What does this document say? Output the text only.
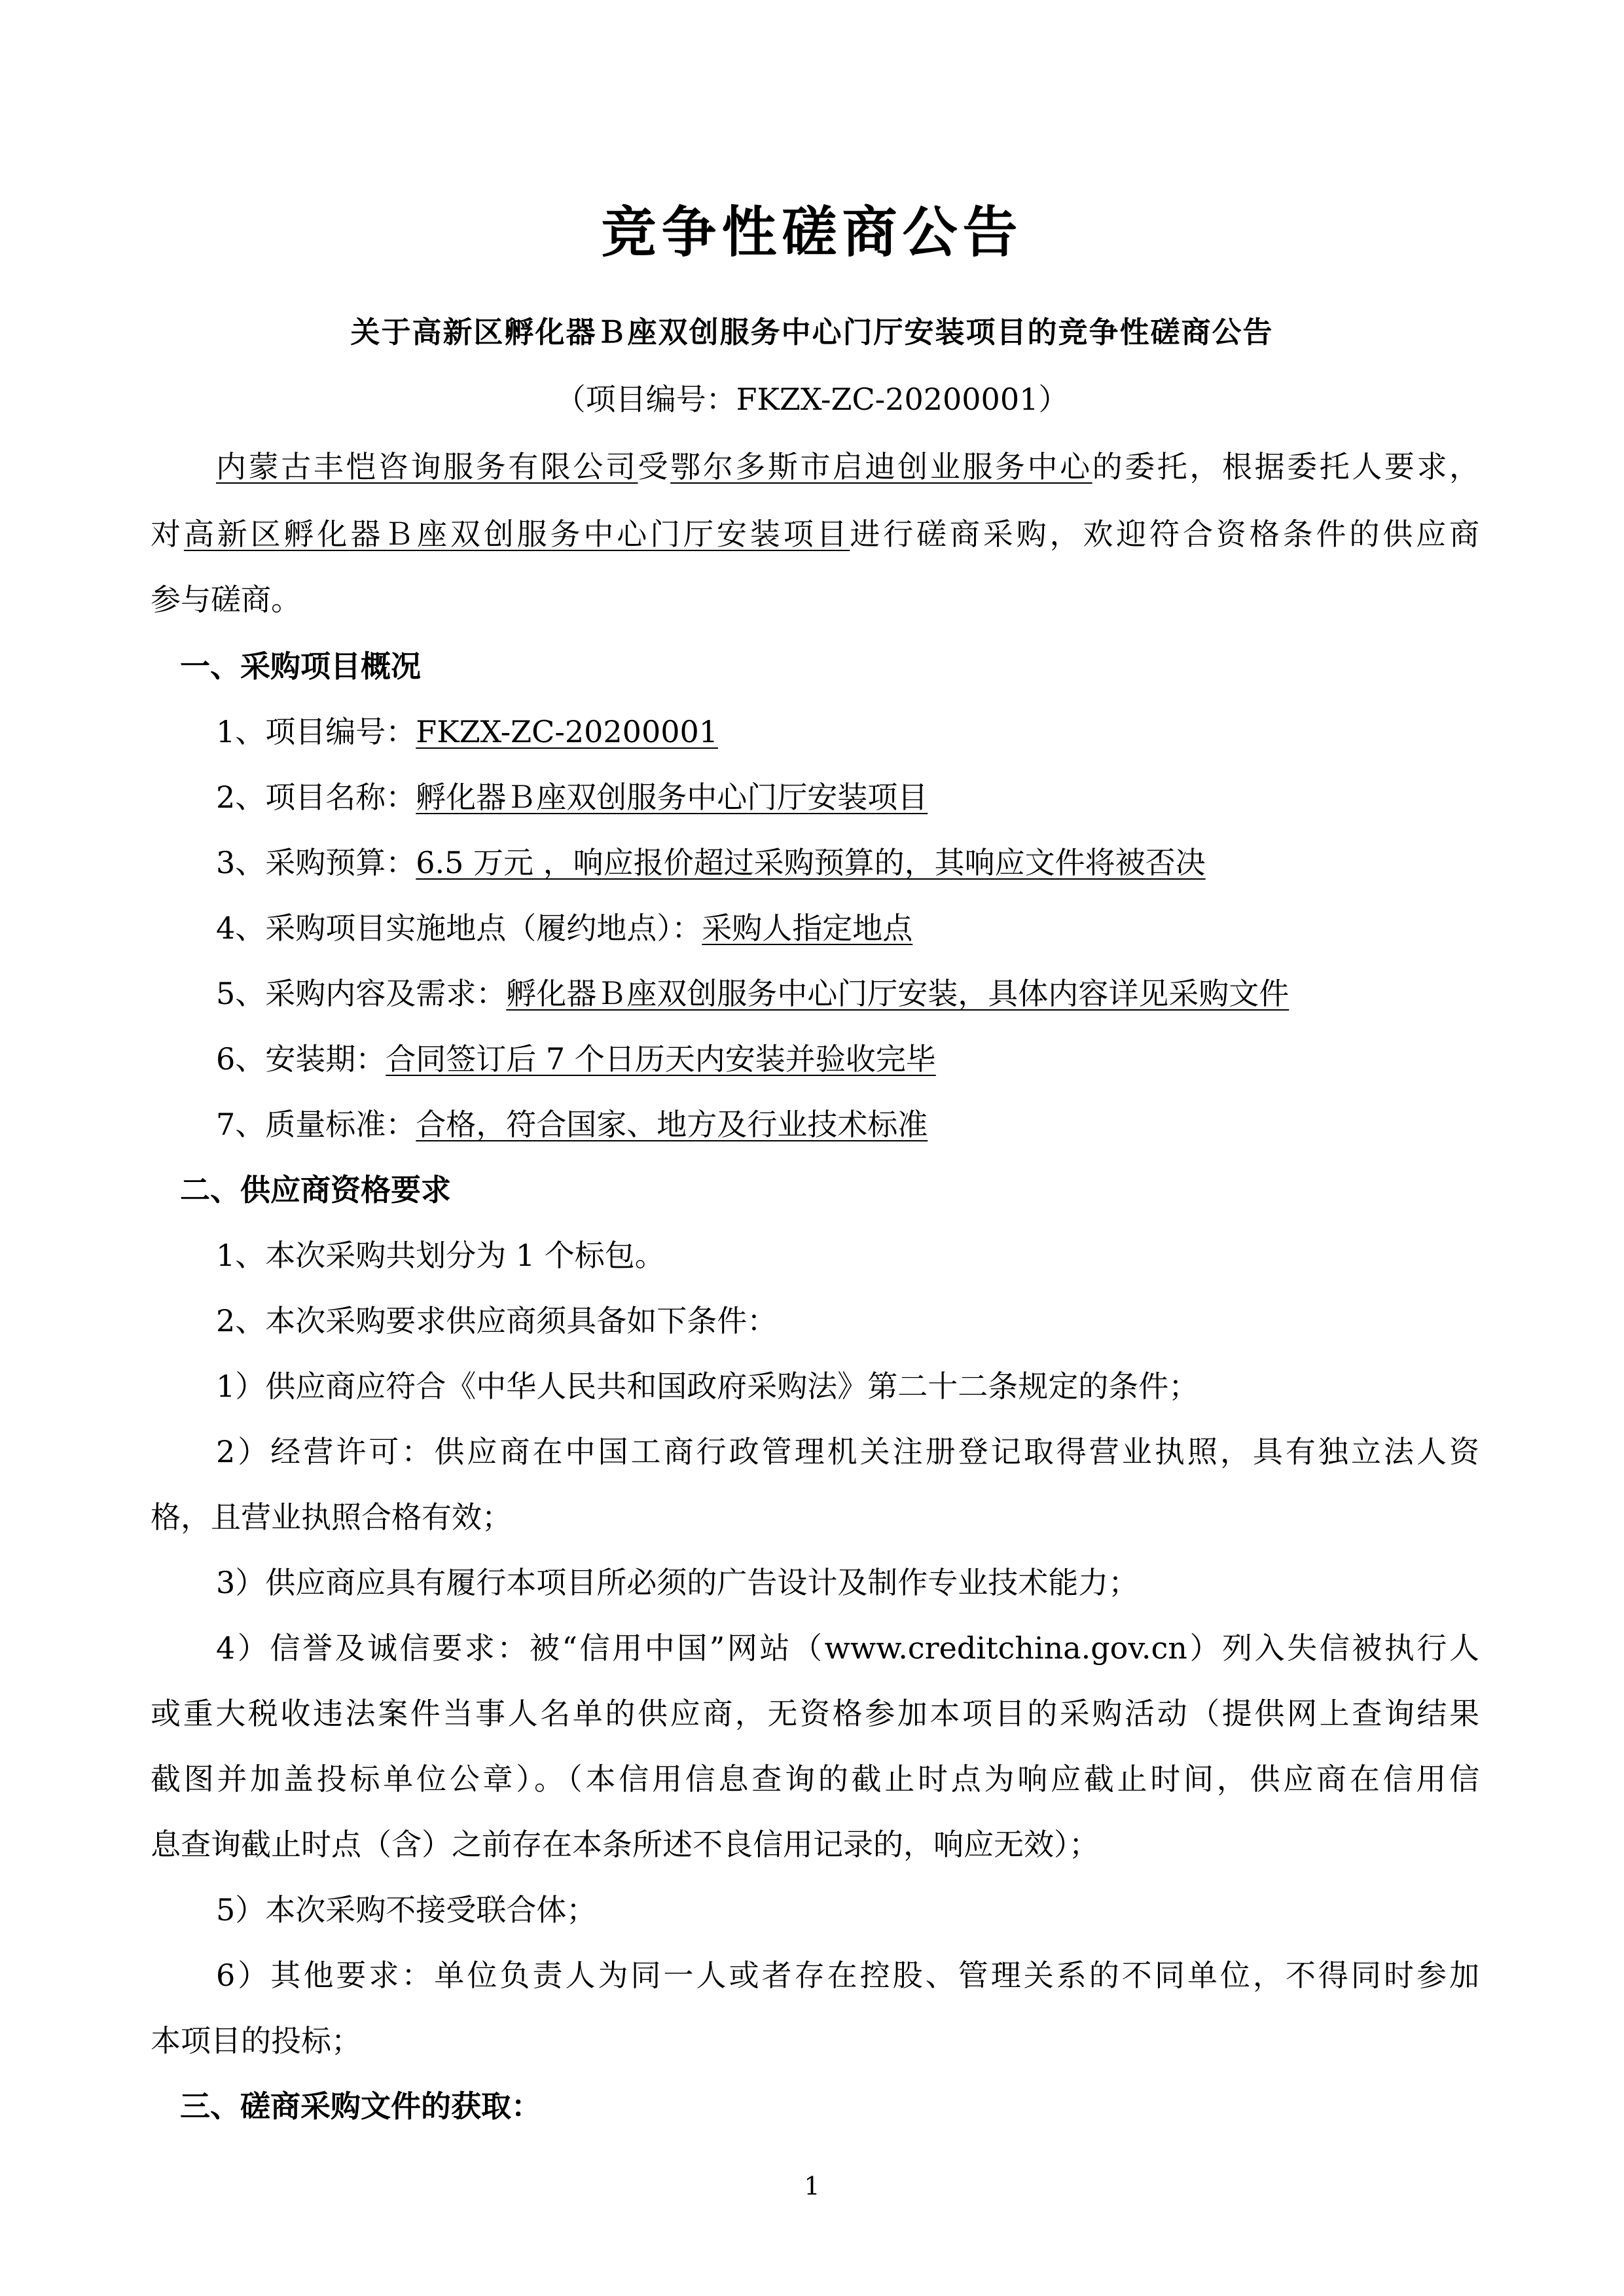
竞争性磋商公告
关于高新区孵化器Ｂ座双创服务中心门厅安装项目的竞争性磋商公告
（项目编号：FKZX-ZC-20200001）
内蒙古丰恺咨询服务有限公司受鄂尔多斯市启迪创业服务中心的委托，根据委托人要求，
对高新区孵化器Ｂ座双创服务中心门厅安装项目进行磋商采购，欢迎符合资格条件的供应商
参与磋商。
一、采购项目概况
1、项目编号：FKZX-ZC-20200001
2、项目名称：孵化器Ｂ座双创服务中心门厅安装项目
3、采购预算：6.5 万元 ，响应报价超过采购预算的，其响应文件将被否决
4、采购项目实施地点（履约地点）：采购人指定地点
5、采购内容及需求：孵化器Ｂ座双创服务中心门厅安装，具体内容详见采购文件
6、安装期：合同签订后 7 个日历天内安装并验收完毕
7、质量标准：合格，符合国家、地方及行业技术标准
二、供应商资格要求
1、本次采购共划分为 1 个标包。
2、本次采购要求供应商须具备如下条件：
1）供应商应符合《中华人民共和国政府采购法》第二十二条规定的条件；
2）经营许可：供应商在中国工商行政管理机关注册登记取得营业执照，具有独立法人资
格，且营业执照合格有效；
3）供应商应具有履行本项目所必须的广告设计及制作专业技术能力；
4）信誉及诚信要求：被“信用中国”网站（www.creditchina.gov.cn）列入失信被执行人
或重大税收违法案件当事人名单的供应商，无资格参加本项目的采购活动（提供网上查询结果
截图并加盖投标单位公章）。（本信用信息查询的截止时点为响应截止时间，供应商在信用信
息查询截止时点（含）之前存在本条所述不良信用记录的，响应无效）；
5）本次采购不接受联合体；
6）其他要求：单位负责人为同一人或者存在控股、管理关系的不同单位，不得同时参加
本项目的投标；
三、磋商采购文件的获取：
1
